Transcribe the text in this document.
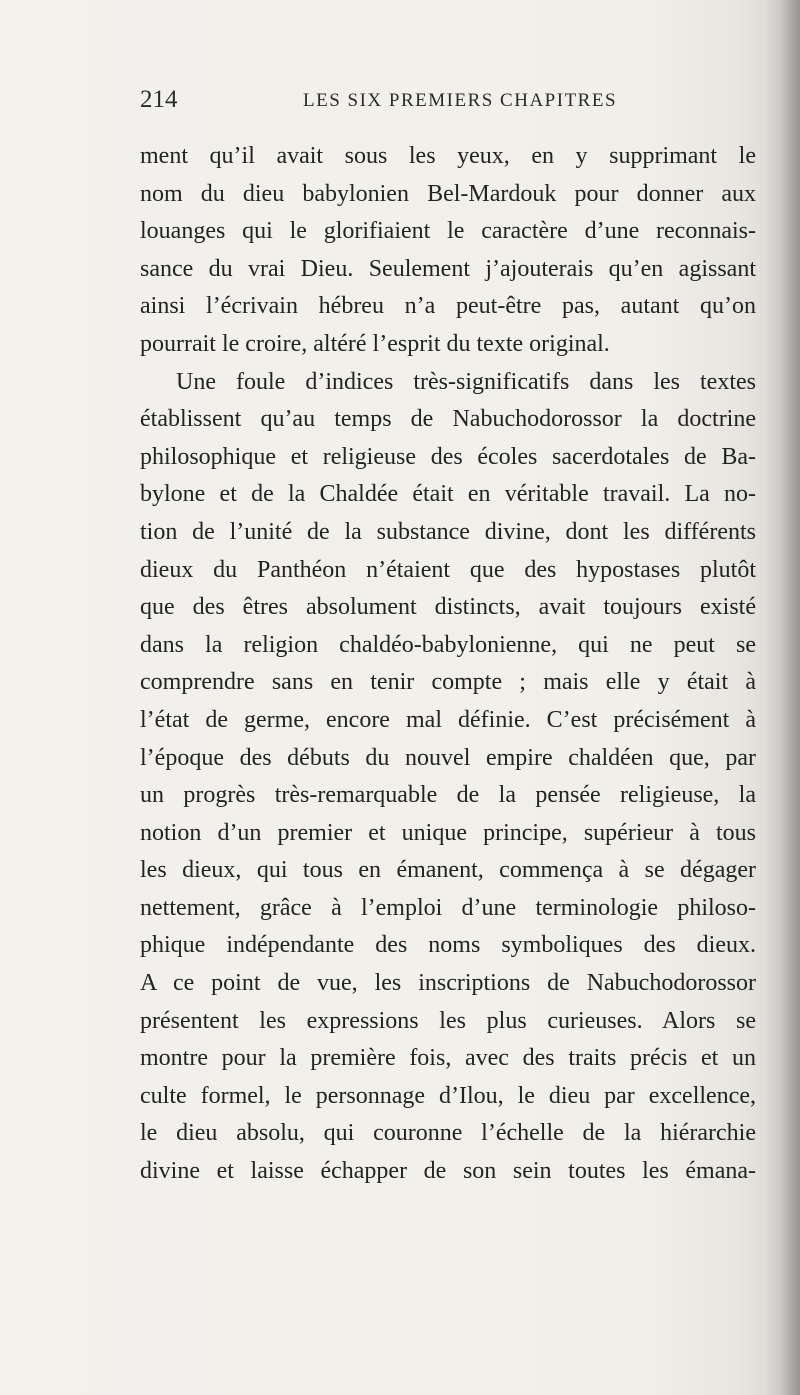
214	LES SIX PREMIERS CHAPITRES
ment qu’il avait sous les yeux, en y supprimant le
nom du dieu babylonien Bel-Mardouk pour donner aux
louanges qui le glorifiaient le caractère d’une reconnais-
sance du vrai Dieu. Seulement j’ajouterais qu’en agissant
ainsi l’écrivain hébreu n’a peut-être pas, autant qu’on
pourrait le croire, altéré l’esprit du texte original.
Une foule d’indices très-significatifs dans les textes
établissent qu’au temps de Nabuchodorossor la doctrine
philosophique et religieuse des écoles sacerdotales de Ba-
bylone et de la Chaldée était en véritable travail. La no-
tion de l’unité de la substance divine, dont les différents
dieux du Panthéon n’étaient que des hypostases plutôt
que des êtres absolument distincts, avait toujours existé
dans la religion chaldéo-babylonienne, qui ne peut se
comprendre sans en tenir compte ; mais elle y était à
l’état de germe, encore mal définie. C’est précisément à
l’époque des débuts du nouvel empire chaldéen que, par
un progrès très-remarquable de la pensée religieuse, la
notion d’un premier et unique principe, supérieur à tous
les dieux, qui tous en émanent, commença à se dégager
nettement, grâce à l’emploi d’une terminologie philoso-
phique indépendante des noms symboliques des dieux.
A ce point de vue, les inscriptions de Nabuchodorossor
présentent les expressions les plus curieuses. Alors se
montre pour la première fois, avec des traits précis et un
culte formel, le personnage d’Ilou, le dieu par excellence,
le dieu absolu, qui couronne l’échelle de la hiérarchie
divine et laisse échapper de son sein toutes les émana-
